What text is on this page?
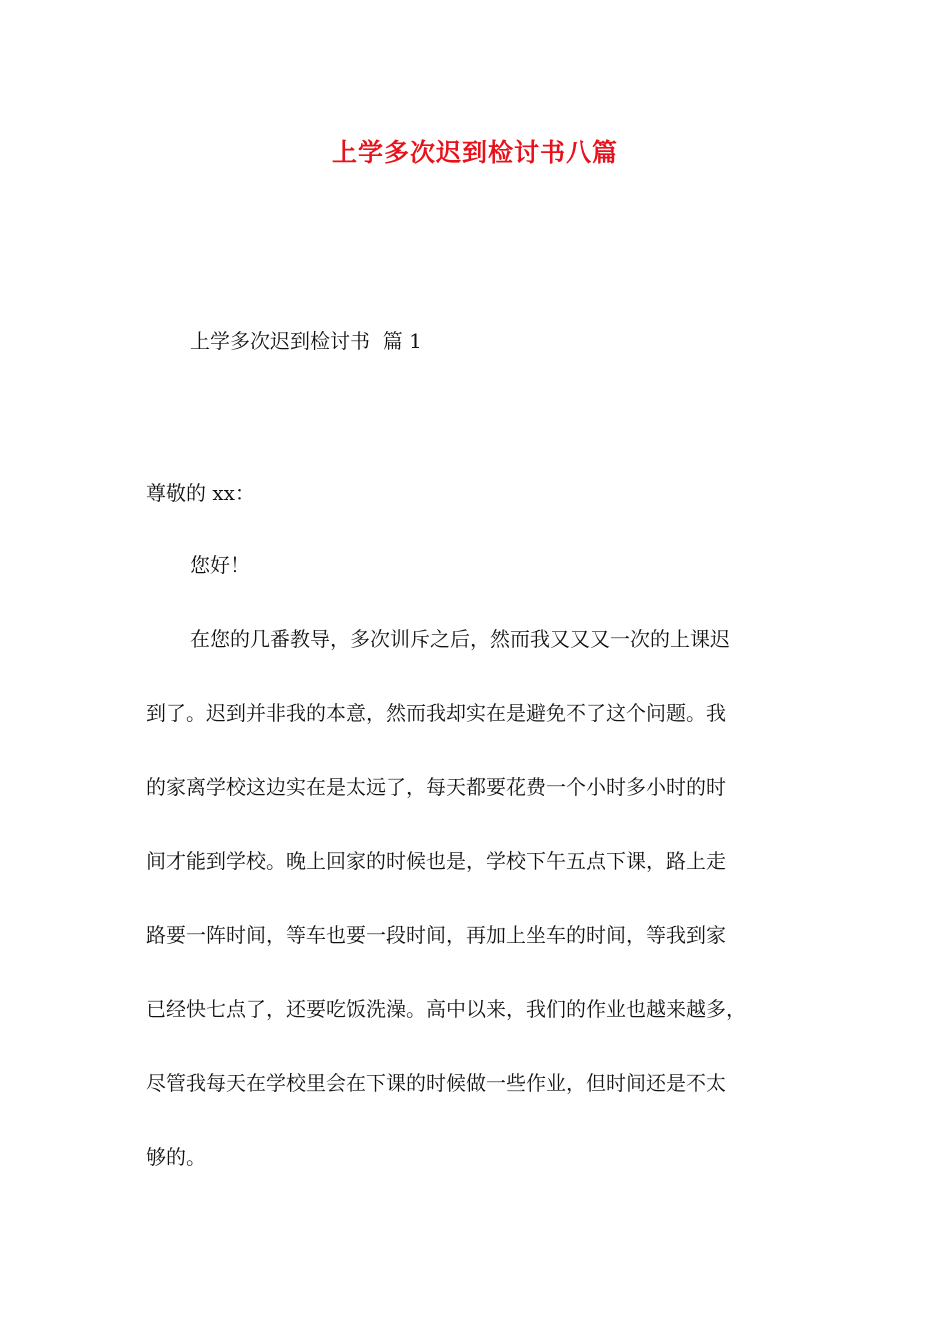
上学多次迟到检讨书八篇
上学多次迟到检讨书  篇 1

尊敬的 xx：

您好！

在您的几番教导，多次训斥之后，然而我又又又一次的上课迟
到了。迟到并非我的本意，然而我却实在是避免不了这个问题。我
的家离学校这边实在是太远了，每天都要花费一个小时多小时的时
间才能到学校。晚上回家的时候也是，学校下午五点下课，路上走
路要一阵时间，等车也要一段时间，再加上坐车的时间，等我到家
已经快七点了，还要吃饭洗澡。高中以来，我们的作业也越来越多，
尽管我每天在学校里会在下课的时候做一些作业，但时间还是不太
够的。
